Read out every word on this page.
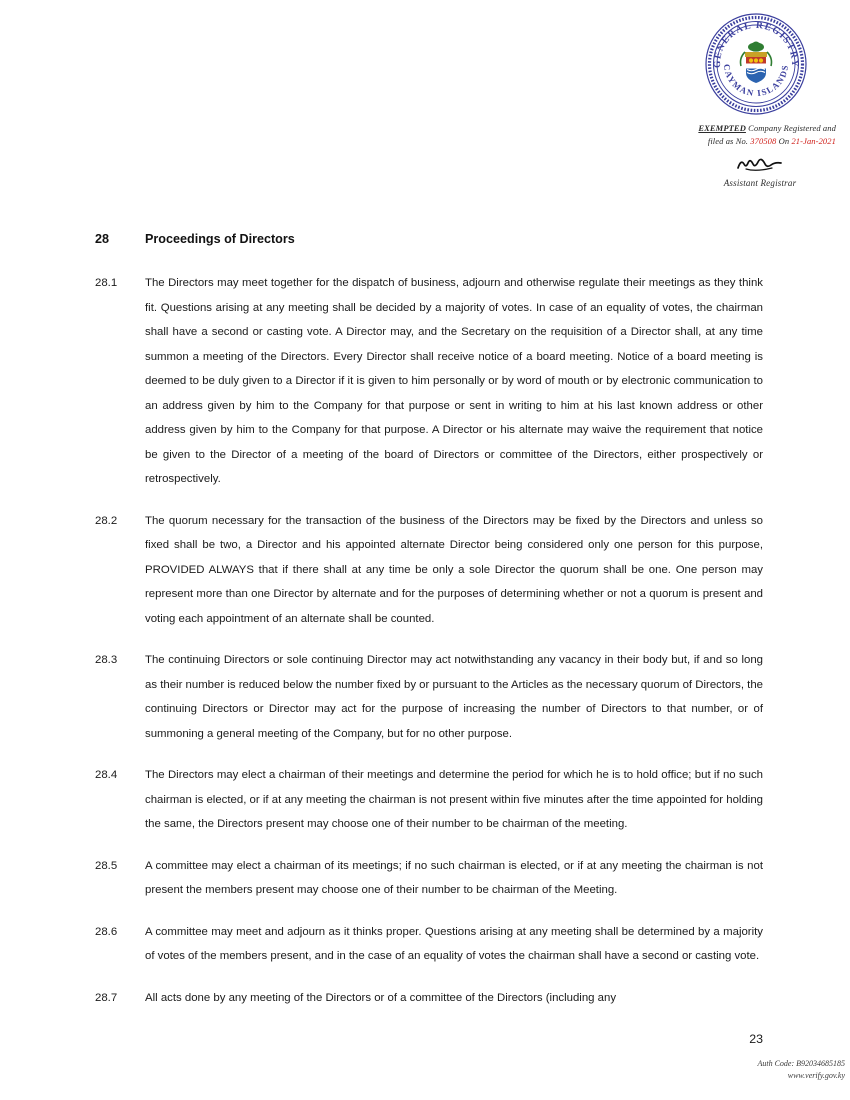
GENERAL REGISTRY
CAYMAN ISLANDS
EXEMPTED Company Registered and
filed as No. 370508 On 21-Jan-2021
Assistant Registrar
28	Proceedings of Directors
28.1	The Directors may meet together for the dispatch of business, adjourn and otherwise regulate their meetings as they think fit. Questions arising at any meeting shall be decided by a majority of votes. In case of an equality of votes, the chairman shall have a second or casting vote. A Director may, and the Secretary on the requisition of a Director shall, at any time summon a meeting of the Directors. Every Director shall receive notice of a board meeting. Notice of a board meeting is deemed to be duly given to a Director if it is given to him personally or by word of mouth or by electronic communication to an address given by him to the Company for that purpose or sent in writing to him at his last known address or other address given by him to the Company for that purpose. A Director or his alternate may waive the requirement that notice be given to the Director of a meeting of the board of Directors or committee of the Directors, either prospectively or retrospectively.
28.2	The quorum necessary for the transaction of the business of the Directors may be fixed by the Directors and unless so fixed shall be two, a Director and his appointed alternate Director being considered only one person for this purpose, PROVIDED ALWAYS that if there shall at any time be only a sole Director the quorum shall be one. One person may represent more than one Director by alternate and for the purposes of determining whether or not a quorum is present and voting each appointment of an alternate shall be counted.
28.3	The continuing Directors or sole continuing Director may act notwithstanding any vacancy in their body but, if and so long as their number is reduced below the number fixed by or pursuant to the Articles as the necessary quorum of Directors, the continuing Directors or Director may act for the purpose of increasing the number of Directors to that number, or of summoning a general meeting of the Company, but for no other purpose.
28.4	The Directors may elect a chairman of their meetings and determine the period for which he is to hold office; but if no such chairman is elected, or if at any meeting the chairman is not present within five minutes after the time appointed for holding the same, the Directors present may choose one of their number to be chairman of the meeting.
28.5	A committee may elect a chairman of its meetings; if no such chairman is elected, or if at any meeting the chairman is not present the members present may choose one of their number to be chairman of the Meeting.
28.6	A committee may meet and adjourn as it thinks proper. Questions arising at any meeting shall be determined by a majority of votes of the members present, and in the case of an equality of votes the chairman shall have a second or casting vote.
28.7	All acts done by any meeting of the Directors or of a committee of the Directors (including any
23
Auth Code: B92034685185
www.verify.gov.ky
